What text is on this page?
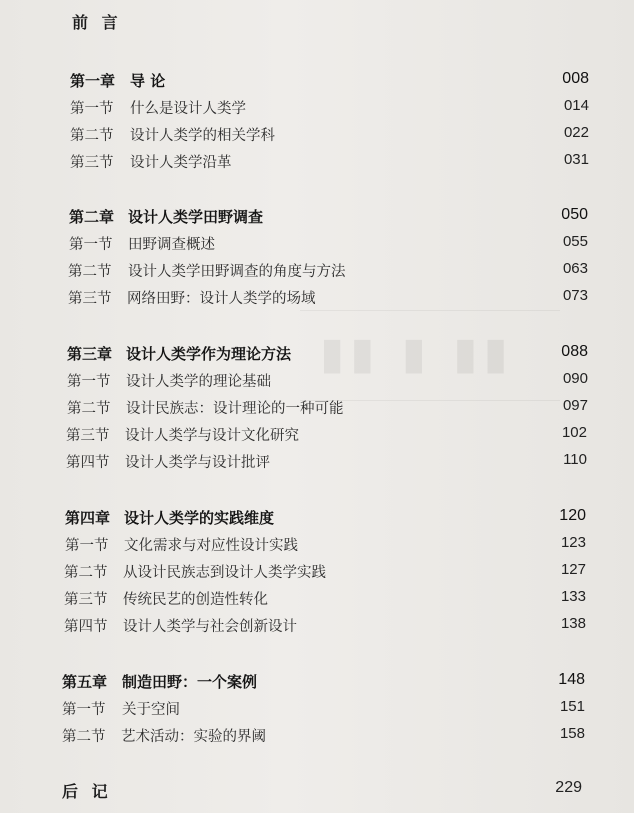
▮▮ ▮ ▮▮
前 言
第一章 导 论	008
第一节 什么是设计人类学	014
第二节 设计人类学的相关学科	022
第三节 设计人类学沿革	031
第二章 设计人类学田野调查	050
第一节 田野调查概述	055
第二节 设计人类学田野调查的角度与方法	063
第三节 网络田野：设计人类学的场域	073
第三章 设计人类学作为理论方法	088
第一节 设计人类学的理论基础	090
第二节 设计民族志：设计理论的一种可能	097
第三节 设计人类学与设计文化研究	102
第四节 设计人类学与设计批评	110
第四章 设计人类学的实践维度	120
第一节 文化需求与对应性设计实践	123
第二节 从设计民族志到设计人类学实践	127
第三节 传统民艺的创造性转化	133
第四节 设计人类学与社会创新设计	138
第五章 制造田野：一个案例	148
第一节 关于空间	151
第二节 艺术活动：实验的界阈	158
后 记	229
